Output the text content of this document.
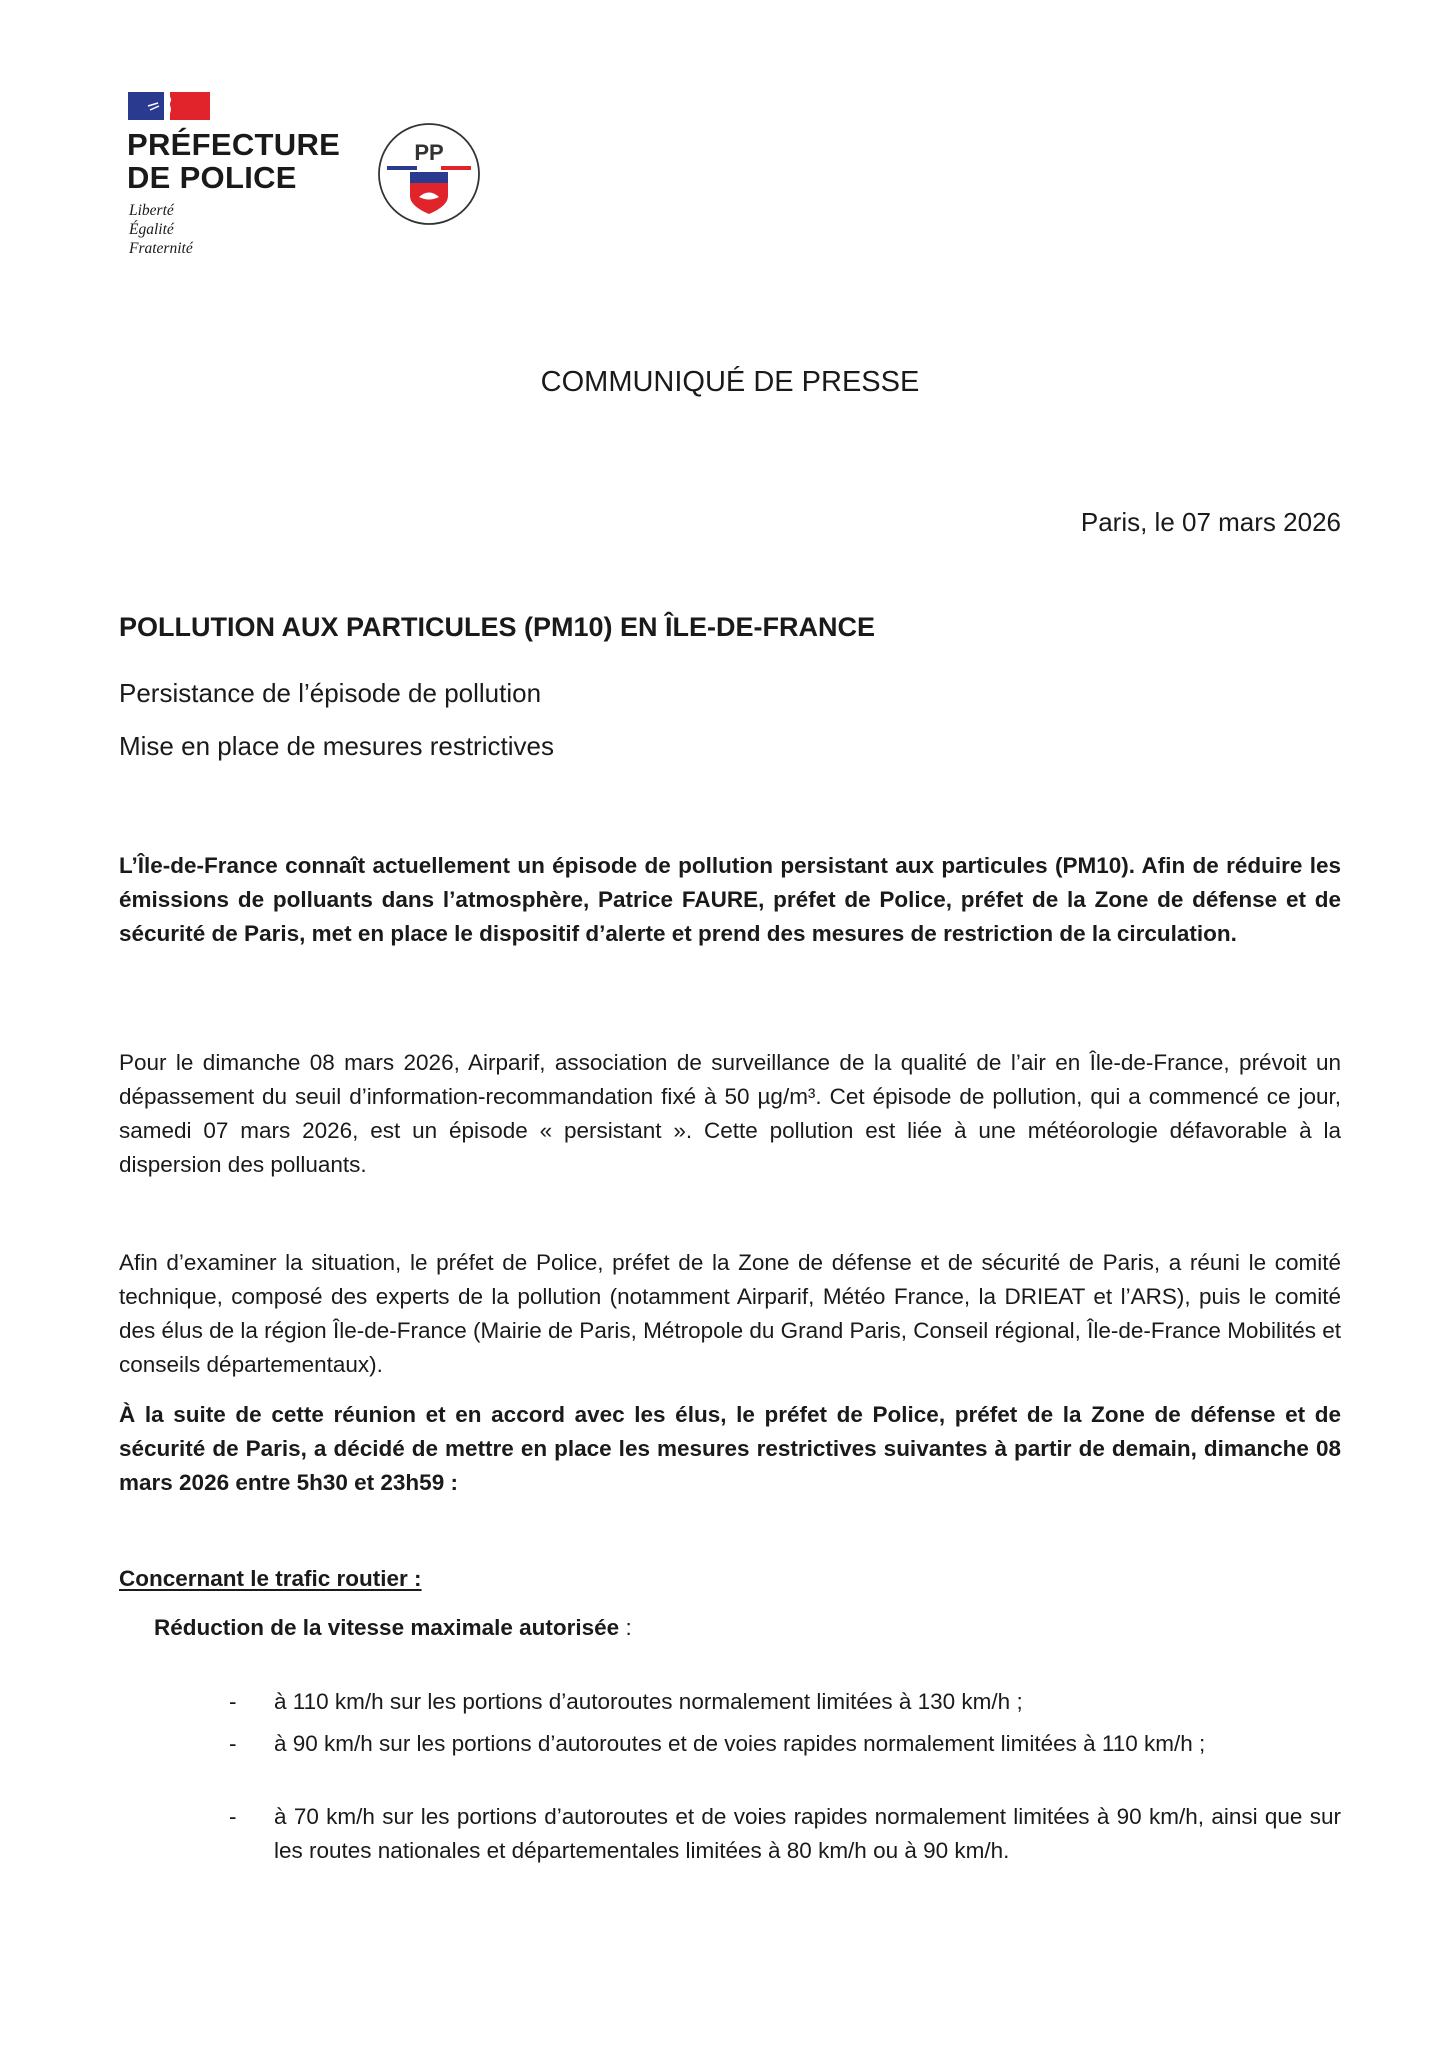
PRÉFECTURE
DE POLICE
Liberté
Égalité
Fraternité
PP
COMMUNIQUÉ DE PRESSE
Paris, le 07 mars 2026
POLLUTION AUX PARTICULES (PM10) EN ÎLE-DE-FRANCE
Persistance de l’épisode de pollution
Mise en place de mesures restrictives

L’Île-de-France connaît actuellement un épisode de pollution persistant aux particules (PM10). Afin de réduire les émissions de polluants dans l’atmosphère, Patrice FAURE, préfet de Police, préfet de la Zone de défense et de sécurité de Paris, met en place le dispositif d’alerte et prend des mesures de restriction de la circulation.

Pour le dimanche 08 mars 2026, Airparif, association de surveillance de la qualité de l’air en Île-de-France, prévoit un dépassement du seuil d’information-recommandation fixé à 50 µg/m³. Cet épisode de pollution, qui a commencé ce jour, samedi 07 mars 2026, est un épisode « persistant ». Cette pollution est liée à une météorologie défavorable à la dispersion des polluants.

Afin d’examiner la situation, le préfet de Police, préfet de la Zone de défense et de sécurité de Paris, a réuni le comité technique, composé des experts de la pollution (notamment Airparif, Météo France, la DRIEAT et l’ARS), puis le comité des élus de la région Île-de-France (Mairie de Paris, Métropole du Grand Paris, Conseil régional, Île-de-France Mobilités et conseils départementaux).

À la suite de cette réunion et en accord avec les élus, le préfet de Police, préfet de la Zone de défense et de sécurité de Paris, a décidé de mettre en place les mesures restrictives suivantes à partir de demain, dimanche 08 mars 2026 entre 5h30 et 23h59 :

Concernant le trafic routier :
Réduction de la vitesse maximale autorisée :
- à 110 km/h sur les portions d’autoroutes normalement limitées à 130 km/h ;
- à 90 km/h sur les portions d’autoroutes et de voies rapides normalement limitées à 110 km/h ;
- à 70 km/h sur les portions d’autoroutes et de voies rapides normalement limitées à 90 km/h, ainsi que sur les routes nationales et départementales limitées à 80 km/h ou à 90 km/h.
